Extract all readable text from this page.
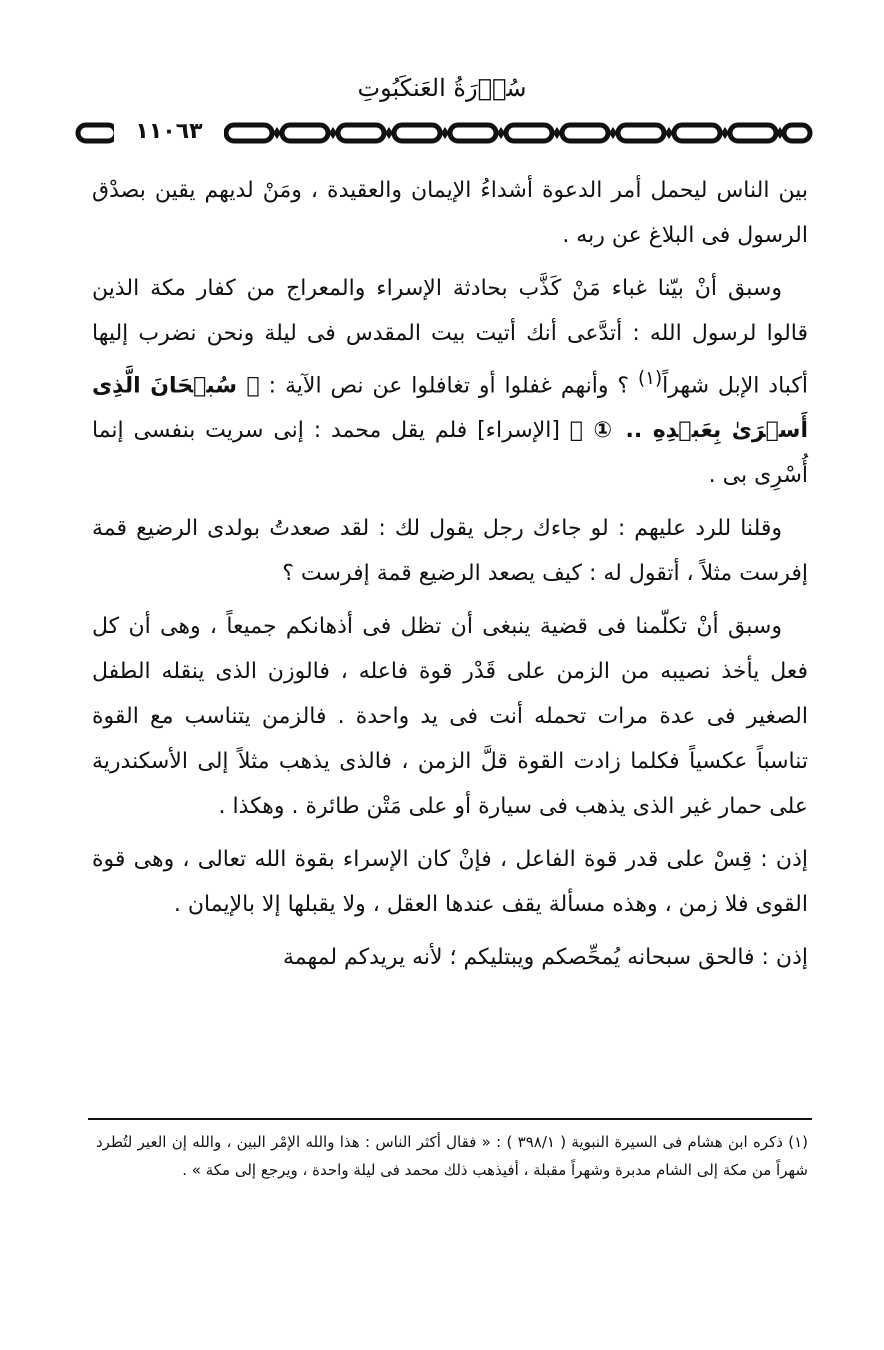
سُوۡرَةُ العَنكَبُوتِ
١١٠٦٣

بين الناس ليحمل أمر الدعوة أشداءُ الإيمان والعقيدة ، ومَنْ لديهم يقين بصدْق الرسول فى البلاغ عن ربه .

وسبق أنْ بيّنا غباء مَنْ كَذَّب بحادثة الإسراء والمعراج من كفار مكة الذين قالوا لرسول الله : أتدَّعى أنك أتيت بيت المقدس فى ليلة ونحن نضرب إليها أكباد الإبل شهراً$^{(١)}$ ؟ وأنهم غفلوا أو تغافلوا عن نص الآية : ﴿ سُبۡحَانَ الَّذِى أَسۡرَىٰ بِعَبۡدِهِ .. ① ﴾ [الإسراء] فلم يقل محمد : إنى سريت بنفسى إنما أُسْرِى بى .

وقلنا للرد عليهم : لو جاءك رجل يقول لك : لقد صعدتُ بولدى الرضيع قمة إفرست مثلاً ، أتقول له : كيف يصعد الرضيع قمة إفرست ؟

وسبق أنْ تكلّمنا فى قضية ينبغى أن تظل فى أذهانكم جميعاً ، وهى أن كل فعل يأخذ نصيبه من الزمن على قَدْر قوة فاعله ، فالوزن الذى ينقله الطفل الصغير فى عدة مرات تحمله أنت فى يد واحدة . فالزمن يتناسب مع القوة تناسباً عكسياً فكلما زادت القوة قلَّ الزمن ، فالذى يذهب مثلاً إلى الأسكندرية على حمار غير الذى يذهب فى سيارة أو على مَتْن طائرة . وهكذا .

إذن : قِسْ على قدر قوة الفاعل ، فإنْ كان الإسراء بقوة الله تعالى ، وهى قوة القوى فلا زمن ، وهذه مسألة يقف عندها العقل ، ولا يقبلها إلا بالإيمان .

إذن : فالحق سبحانه يُمحِّصكم ويبتليكم ؛ لأنه يريدكم لمهمة

(١) ذكره ابن هشام فى السيرة النبوية ( ٣٩٨/١ ) : « فقال أكثر الناس : هذا والله الإمْر البين ، والله إن العير لتُطرد شهراً من مكة إلى الشام مدبرة وشهراً مقبلة ، أفيذهب ذلك محمد فى ليلة واحدة ، ويرجع إلى مكة » .
